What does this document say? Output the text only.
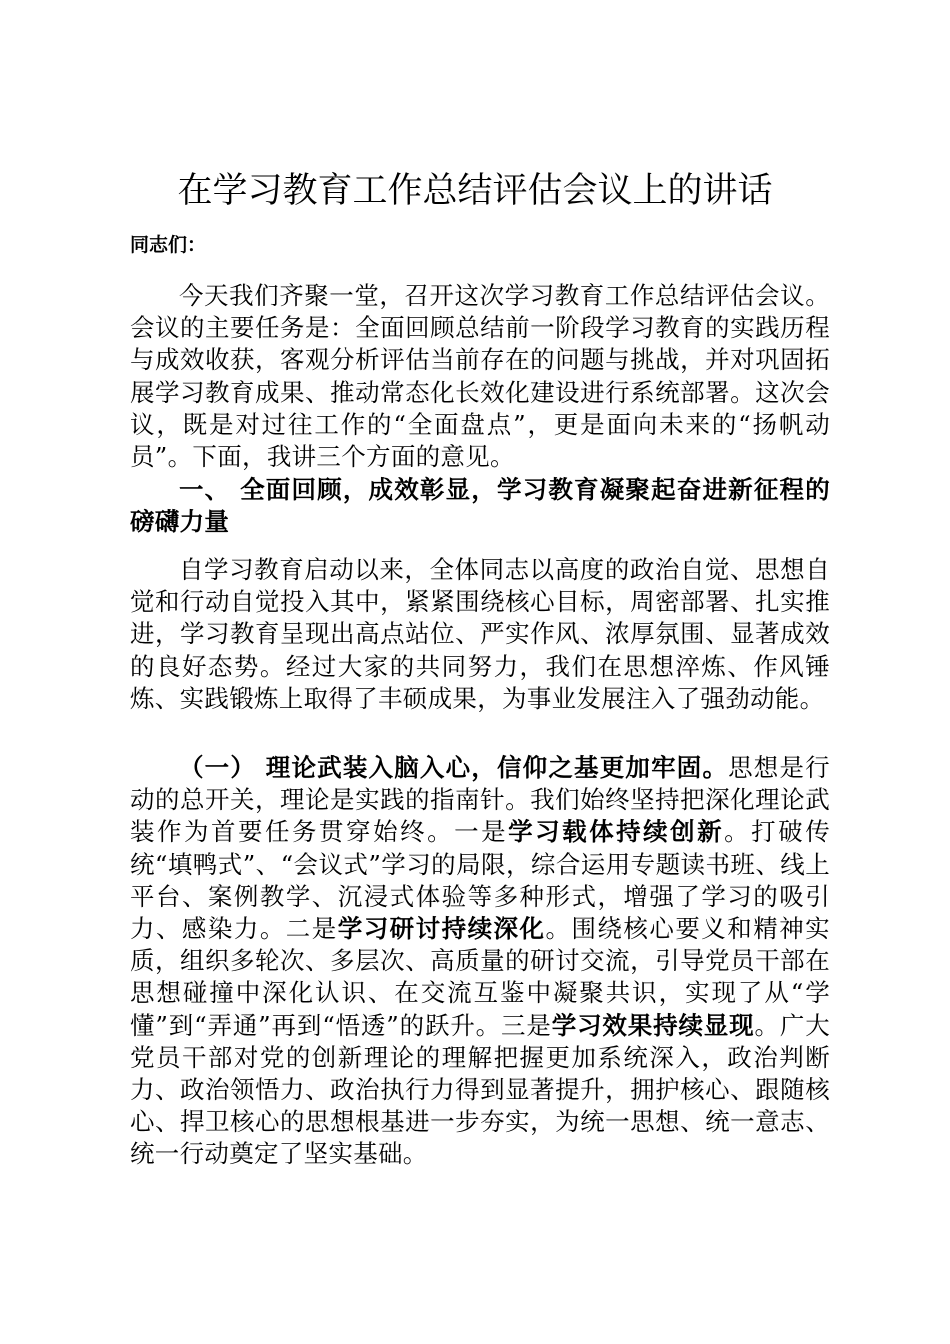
在学习教育工作总结评估会议上的讲话

同志们：

今天我们齐聚一堂，召开这次学习教育工作总结评估会议。会议的主要任务是：全面回顾总结前一阶段学习教育的实践历程与成效收获，客观分析评估当前存在的问题与挑战，并对巩固拓展学习教育成果、推动常态化长效化建设进行系统部署。这次会议，既是对过往工作的“全面盘点”，更是面向未来的“扬帆动员”。下面，我讲三个方面的意见。

一、 全面回顾，成效彰显，学习教育凝聚起奋进新征程的磅礴力量

自学习教育启动以来，全体同志以高度的政治自觉、思想自觉和行动自觉投入其中，紧紧围绕核心目标，周密部署、扎实推进，学习教育呈现出高点站位、严实作风、浓厚氛围、显著成效的良好态势。经过大家的共同努力，我们在思想淬炼、作风锤炼、实践锻炼上取得了丰硕成果，为事业发展注入了强劲动能。

（一） 理论武装入脑入心，信仰之基更加牢固。思想是行动的总开关，理论是实践的指南针。我们始终坚持把深化理论武装作为首要任务贯穿始终。一是学习载体持续创新。打破传统“填鸭式”、“会议式”学习的局限，综合运用专题读书班、线上平台、案例教学、沉浸式体验等多种形式，增强了学习的吸引力、感染力。二是学习研讨持续深化。围绕核心要义和精神实质，组织多轮次、多层次、高质量的研讨交流，引导党员干部在思想碰撞中深化认识、在交流互鉴中凝聚共识，实现了从“学懂”到“弄通”再到“悟透”的跃升。三是学习效果持续显现。广大党员干部对党的创新理论的理解把握更加系统深入，政治判断力、政治领悟力、政治执行力得到显著提升，拥护核心、跟随核心、捍卫核心的思想根基进一步夯实，为统一思想、统一意志、统一行动奠定了坚实基础。
